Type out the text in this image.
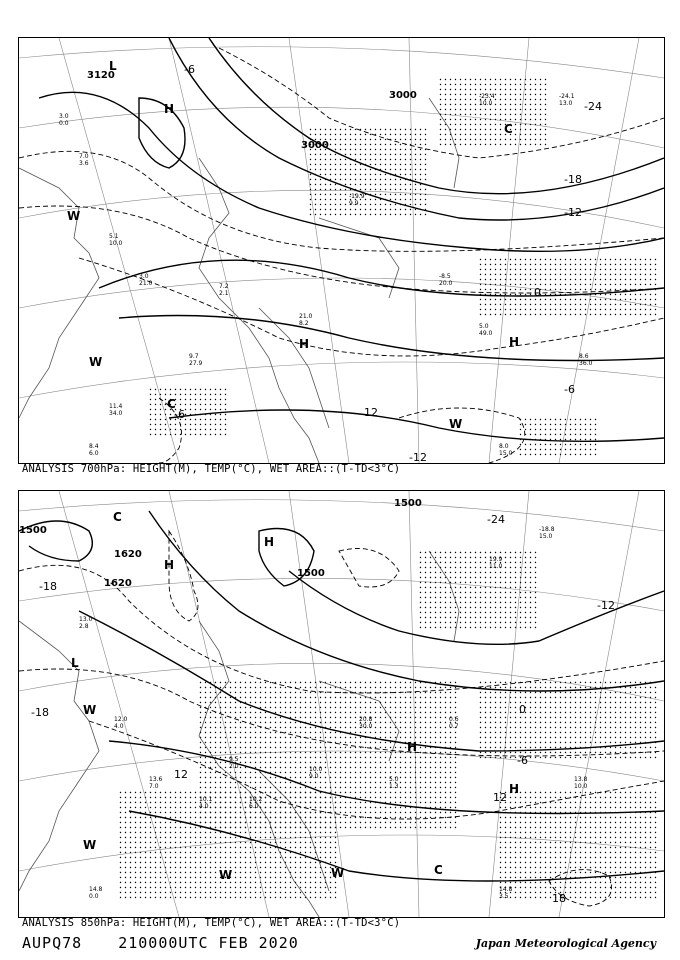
3.0
0.0
7.0
3.6
5.1
10.0
3.0
21.0	7.2
2.1
21.0
8.2
-19.9
9.9
-8.5
20.0
5.0
49.0
8.6
36.0
8.0
15.0
8.4
6.0
-24.1
13.0
-23.4
10.0
11.4
34.0
9.7
27.9
3000
3000
3120
-24
-18
-12
-6
0
-6
12
-12
-6
H
H	H
L
C
W
W
C
W
ANALYSIS 700hPa: HEIGHT(M), TEMP(°C), WET AREA::(T-TD<3°C)
13.0
2.8
12.0
4.0
13.6
7.0
9.5
2.0	10.0
9.0
20.8
30.0
0.6
0.7
13.8
10.0
14.8
3.5
14.8
0.0
19.9
11.0
-18.8
15.0
10.1
4.0
10.2
6.0
5.0
1.3
1500
1620
1620
1500
1500
-24
-12
-18	0
-6
12
18
-18
12
H
H
H
L
H
W
W
W	W
C
C
ANALYSIS 850hPa: HEIGHT(M), TEMP(°C), WET AREA::(T-TD<3°C)
AUPQ78 210000UTC FEB 2020	Japan Meteorological Agency
